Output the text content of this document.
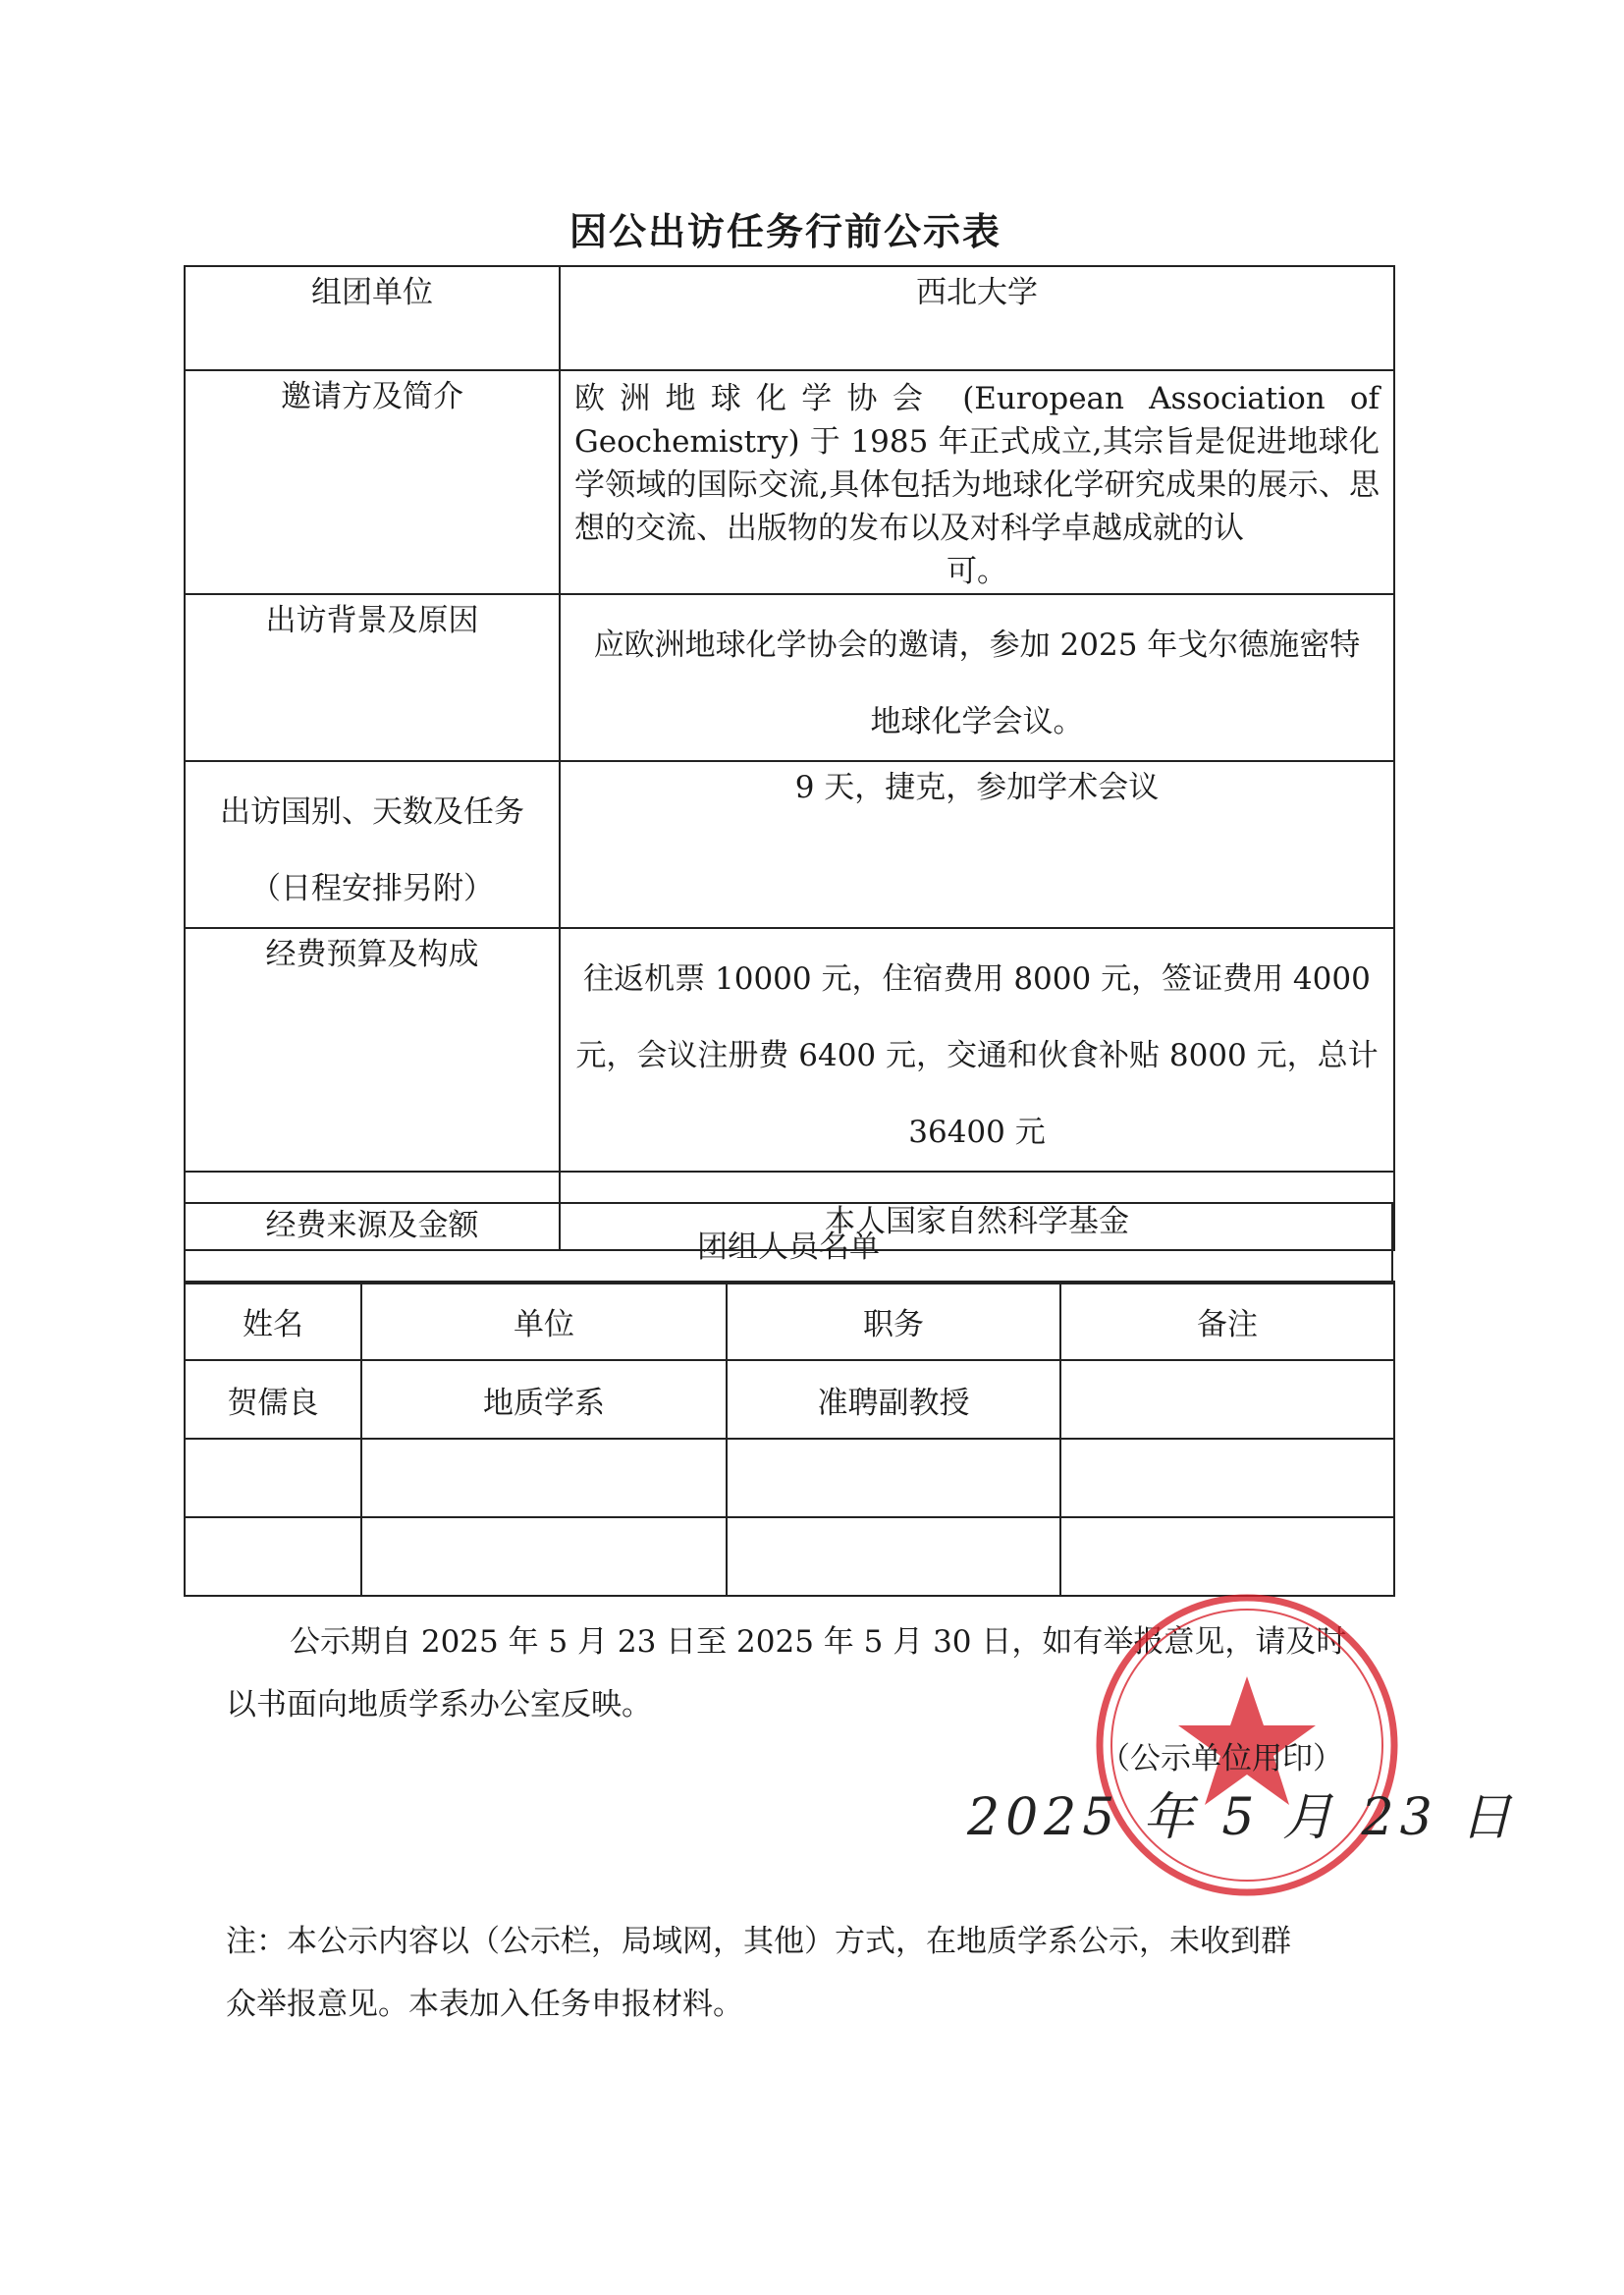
因公出访任务行前公示表
组团单位	西北大学
邀请方及简介	欧洲地球化学协会 (European Association of Geochemistry) 于 1985 年正式成立,其宗旨是促进地球化学领域的国际交流,具体包括为地球化学研究成果的展示、思想的交流、出版物的发布以及对科学卓越成就的认
可。

出访背景及原因	应欧洲地球化学协会的邀请，参加 2025 年戈尔德施密特
地球化学会议。

出访国别、天数及任务
（日程安排另附）	9 天，捷克，参加学术会议
经费预算及构成	往返机票 10000 元，住宿费用 8000 元，签证费用 4000
元，会议注册费 6400 元，交通和伙食补贴 8000 元，总计
36400 元

经费来源及金额	本人国家自然科学基金
团组人员名单
姓名	单位	职务	备注
贺儒良	地质学系	准聘副教授	

公示期自 2025 年 5 月 23 日至 2025 年 5 月 30 日，如有举报意见，请及时

以书面向地质学系办公室反映。

（公示单位用印）
2025 年 5 月 23 日

注：本公示内容以（公示栏，局域网，其他）方式，在地质学系公示，未收到群

众举报意见。本表加入任务申报材料。
